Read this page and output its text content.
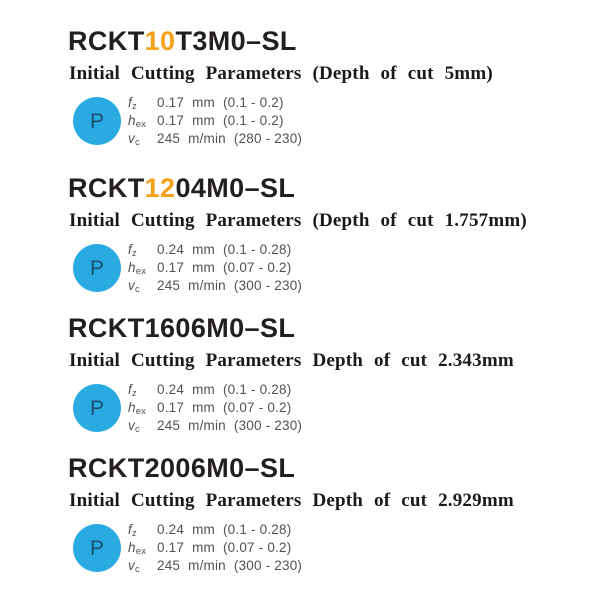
RCKT10T3M0–SL
Initial Cutting Parameters (Depth of cut 5mm)
P
$f_z$	0.17 mm (0.1 - 0.2)
$h_{ex}$ 0.17 mm (0.1 - 0.2)
$v_c$	245 m/min (280 - 230)
RCKT1204M0–SL
Initial Cutting Parameters (Depth of cut 1.757mm)
P
$f_z$	0.24 mm (0.1 - 0.28)
$h_{ex}$ 0.17 mm (0.07 - 0.2)
$v_c$	245 m/min (300 - 230)
RCKT1606M0–SL
Initial Cutting Parameters Depth of cut 2.343mm
P
$f_z$	0.24 mm (0.1 - 0.28)
$h_{ex}$ 0.17 mm (0.07 - 0.2)
$v_c$	245 m/min (300 - 230)
RCKT2006M0–SL
Initial Cutting Parameters Depth of cut 2.929mm
P
$f_z$	0.24 mm (0.1 - 0.28)
$h_{ex}$ 0.17 mm (0.07 - 0.2)
$v_c$	245 m/min (300 - 230)
